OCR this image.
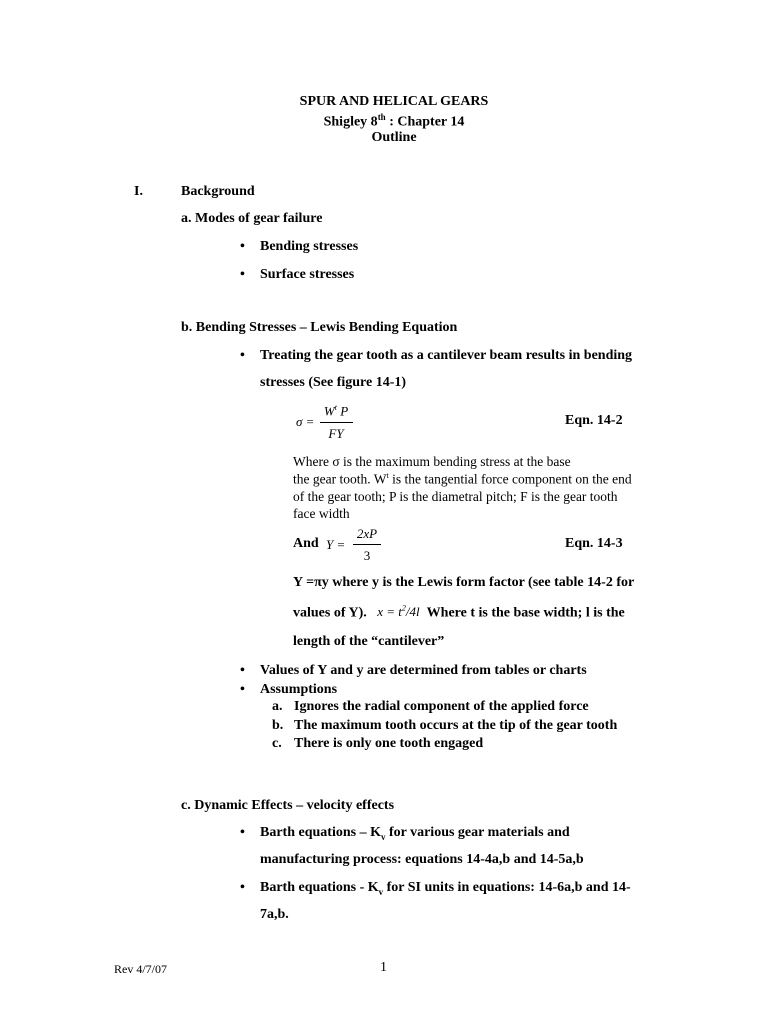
SPUR AND HELICAL GEARS
Shigley 8th : Chapter 14
Outline
I.	Background
a. Modes of gear failure
• Bending stresses
• Surface stresses
b. Bending Stresses – Lewis Bending Equation
• Treating the gear tooth as a cantilever beam results in bending
stresses (See figure 14-1)
σ =
$W^t$ P
FY
Eqn. 14-2
Where σ is the maximum bending stress at the base
the gear tooth. $W^t$ is the tangential force component on the end
of the gear tooth; P is the diametral pitch; F is the gear tooth
face width
And Y =
2xP
3
Eqn. 14-3
Y =πy where y is the Lewis form factor (see table 14-2 for
values of Y). $x = t^2/4l$ Where t is the base width; l is the
length of the “cantilever”
• Values of Y and y are determined from tables or charts
• Assumptions
a. Ignores the radial component of the applied force
b. The maximum tooth occurs at the tip of the gear tooth
c. There is only one tooth engaged
c. Dynamic Effects – velocity effects
• Barth equations – $K_v$ for various gear materials and
manufacturing process: equations 14-4a,b and 14-5a,b
• Barth equations - $K_v$ for SI units in equations: 14-6a,b and 14-
7a,b.
Rev 4/7/07	1
